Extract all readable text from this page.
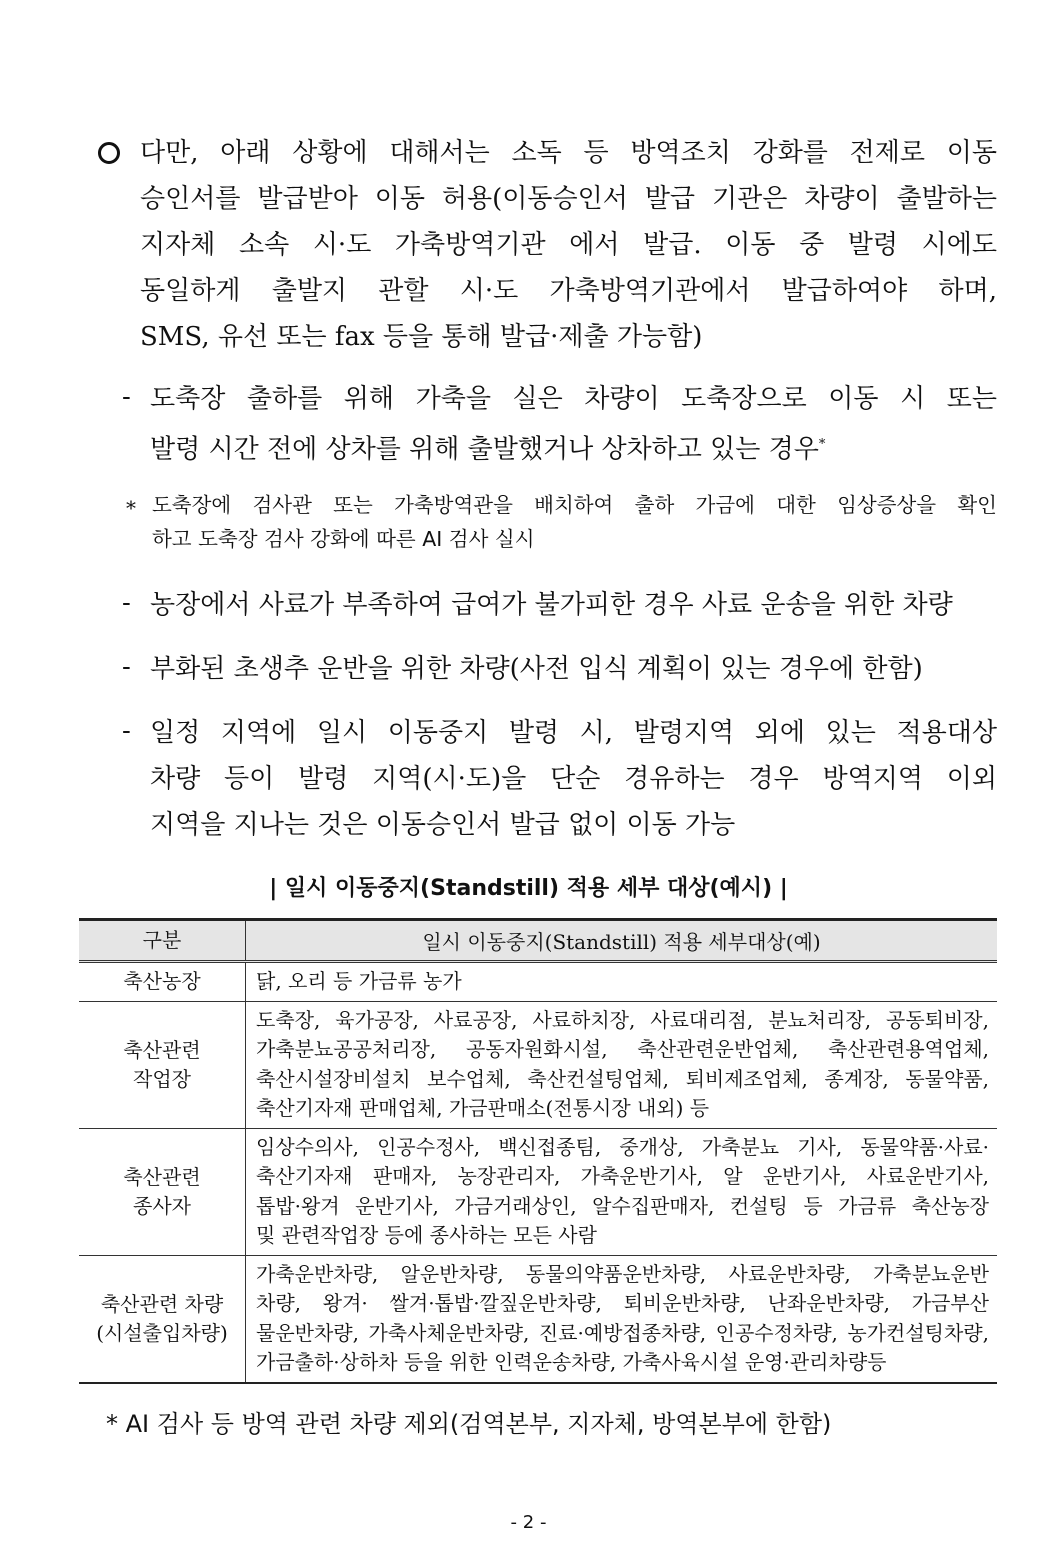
다만, 아래 상황에 대해서는 소독 등 방역조치 강화를 전제로 이동
승인서를 발급받아 이동 허용(이동승인서 발급 기관은 차량이 출발하는
지자체 소속 시·도 가축방역기관 에서 발급. 이동 중 발령 시에도
동일하게 출발지 관할 시·도 가축방역기관에서 발급하여야 하며,
SMS, 유선 또는 fax 등을 통해 발급·제출 가능함)
- 도축장 출하를 위해 가축을 실은 차량이 도축장으로 이동 시 또는
발령 시간 전에 상차를 위해 출발했거나 상차하고 있는 경우*
* 도축장에 검사관 또는 가축방역관을 배치하여 출하 가금에 대한 임상증상을 확인
하고 도축장 검사 강화에 따른 AI 검사 실시
- 농장에서 사료가 부족하여 급여가 불가피한 경우 사료 운송을 위한 차량
- 부화된 초생추 운반을 위한 차량(사전 입식 계획이 있는 경우에 한함)
- 일정 지역에 일시 이동중지 발령 시, 발령지역 외에 있는 적용대상
차량 등이 발령 지역(시·도)을 단순 경유하는 경우 방역지역 이외
지역을 지나는 것은 이동승인서 발급 없이 이동 가능
| 일시 이동중지(Standstill) 적용 세부 대상(예시) |
구분	일시 이동중지(Standstill) 적용 세부대상(예)
축산농장	닭, 오리 등 가금류 농가

축산관련
작업장	도축장, 육가공장, 사료공장, 사료하치장, 사료대리점, 분뇨처리장, 공동퇴비장,
가축분뇨공공처리장, 공동자원화시설, 축산관련운반업체, 축산관련용역업체,
축산시설장비설치 보수업체, 축산컨설팅업체, 퇴비제조업체, 종계장, 동물약품,
축산기자재 판매업체, 가금판매소(전통시장 내외) 등

축산관련
종사자	임상수의사, 인공수정사, 백신접종팀, 중개상, 가축분뇨 기사, 동물약품·사료·
축산기자재 판매자, 농장관리자, 가축운반기사, 알 운반기사, 사료운반기사,
톱밥·왕겨 운반기사, 가금거래상인, 알수집판매자, 컨설팅 등 가금류 축산농장
및 관련작업장 등에 종사하는 모든 사람

축산관련 차량
(시설출입차량)	가축운반차량, 알운반차량, 동물의약품운반차량, 사료운반차량, 가축분뇨운반
차량, 왕겨· 쌀겨·톱밥·깔짚운반차량, 퇴비운반차량, 난좌운반차량, 가금부산
물운반차량, 가축사체운반차량, 진료·예방접종차량, 인공수정차량, 농가컨설팅차량,
가금출하·상하차 등을 위한 인력운송차량, 가축사육시설 운영·관리차량등
* AI 검사 등 방역 관련 차량 제외(검역본부, 지자체, 방역본부에 한함)
- 2 -
